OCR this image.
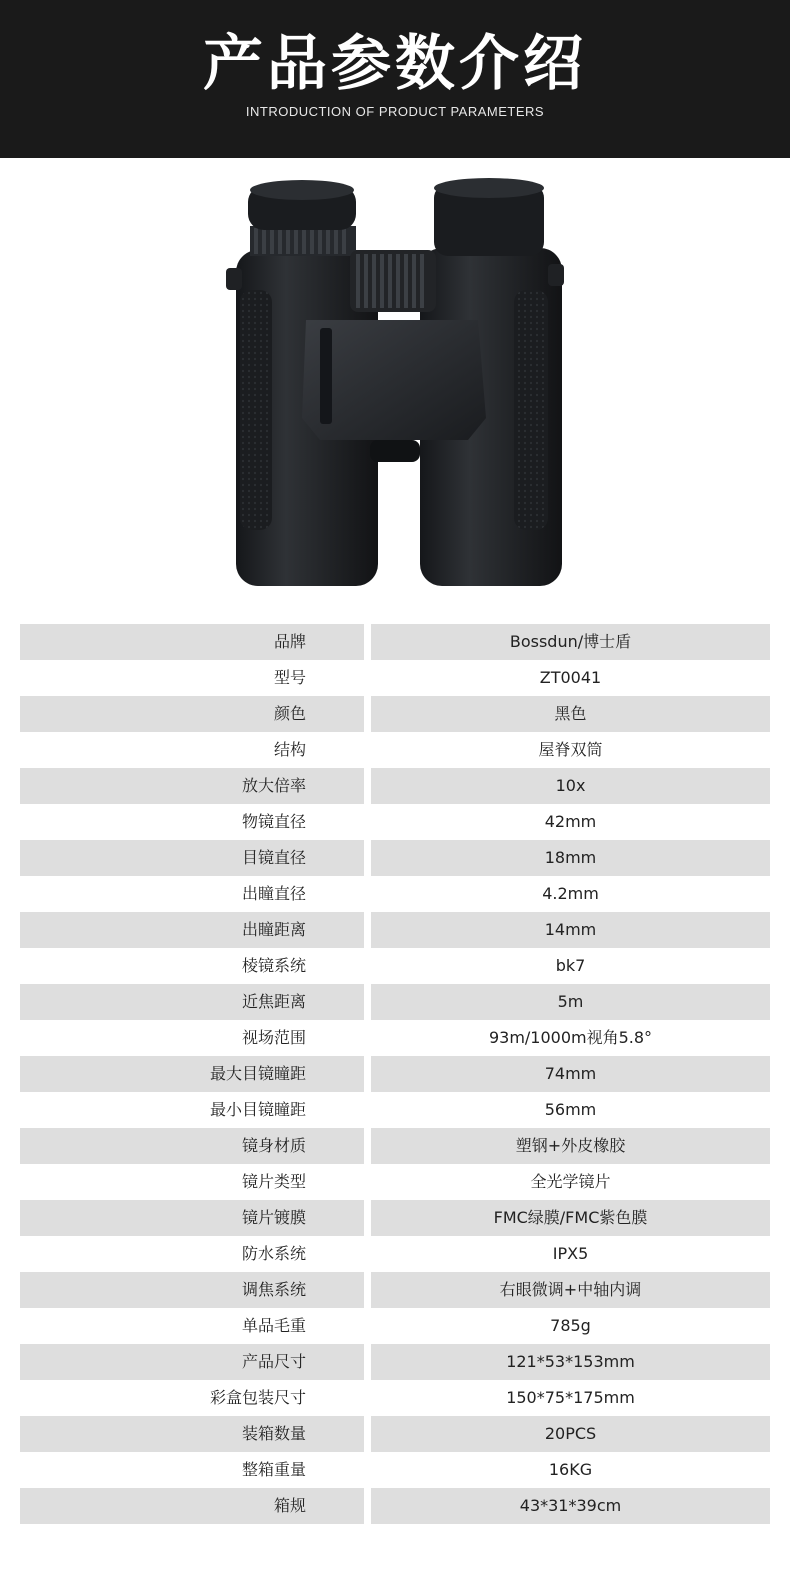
产品参数介绍
INTRODUCTION OF PRODUCT PARAMETERS
品牌	Bossdun/博士盾
型号	ZT0041
颜色	黑色
结构	屋脊双筒
放大倍率	10x
物镜直径	42mm
目镜直径	18mm
出瞳直径	4.2mm
出瞳距离	14mm
棱镜系统	bk7
近焦距离	5m
视场范围	93m/1000m视角5.8°
最大目镜瞳距	74mm
最小目镜瞳距	56mm
镜身材质	塑钢+外皮橡胶
镜片类型	全光学镜片
镜片镀膜	FMC绿膜/FMC紫色膜
防水系统	IPX5
调焦系统	右眼微调+中轴内调
单品毛重	785g
产品尺寸	121*53*153mm
彩盒包装尺寸	150*75*175mm
装箱数量	20PCS
整箱重量	16KG
箱规	43*31*39cm
